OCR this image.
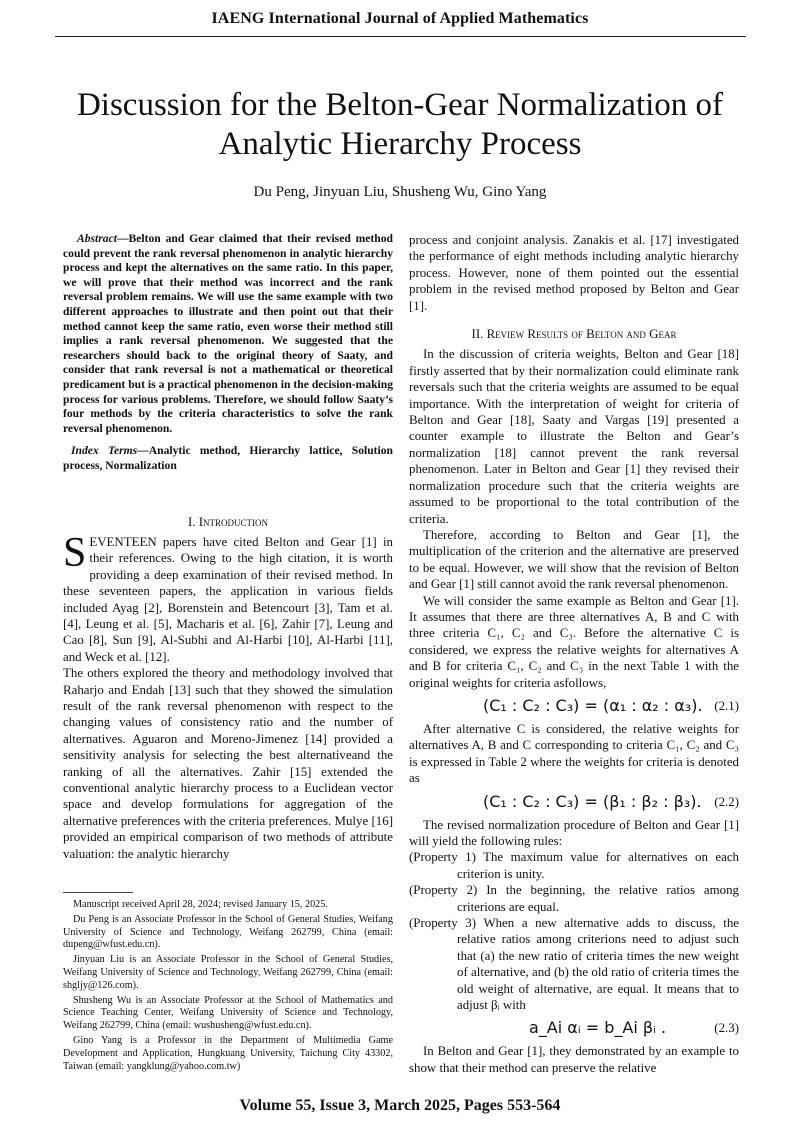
IAENG International Journal of Applied Mathematics
Discussion for the Belton-Gear Normalization of Analytic Hierarchy Process
Du Peng, Jinyuan Liu, Shusheng Wu, Gino Yang

Abstract—Belton and Gear claimed that their revised method could prevent the rank reversal phenomenon in analytic hierarchy process and kept the alternatives on the same ratio. In this paper, we will prove that their method was incorrect and the rank reversal problem remains. We will use the same example with two different approaches to illustrate and then point out that their method cannot keep the same ratio, even worse their method still implies a rank reversal phenomenon. We suggested that the researchers should back to the original theory of Saaty, and consider that rank reversal is not a mathematical or theoretical predicament but is a practical phenomenon in the decision-making process for various problems. Therefore, we should follow Saaty’s four methods by the criteria characteristics to solve the rank reversal phenomenon.

Index Terms—Analytic method, Hierarchy lattice, Solution process, Normalization

I. Introduction

SEVENTEEN papers have cited Belton and Gear [1] in their references. Owing to the high citation, it is worth providing a deep examination of their revised method. In these seventeen papers, the application in various fields included Ayag [2], Borenstein and Betencourt [3], Tam et al. [4], Leung et al. [5], Macharis et al. [6], Zahir [7], Leung and Cao [8], Sun [9], Al-Subhi and Al-Harbi [10], Al-Harbi [11], and Weck et al. [12].

The others explored the theory and methodology involved that Raharjo and Endah [13] such that they showed the simulation result of the rank reversal phenomenon with respect to the changing values of consistency ratio and the number of alternatives. Aguaron and Moreno-Jimenez [14] provided a sensitivity analysis for selecting the best alternativeand the ranking of all the alternatives. Zahir [15] extended the conventional analytic hierarchy process to a Euclidean vector space and develop formulations for aggregation of the alternative preferences with the criteria preferences. Mulye [16] provided an empirical comparison of two methods of attribute valuation: the analytic hierarchy

Manuscript received April 28, 2024; revised January 15, 2025.

Du Peng is an Associate Professor in the School of General Studies, Weifang University of Science and Technology, Weifang 262799, China (email: dupeng@wfust.edu.cn).

Jinyuan Liu is an Associate Professor in the School of General Studies, Weifang University of Science and Technology, Weifang 262799, China (email: shgljy@126.com).

Shusheng Wu is an Associate Professor at the School of Mathematics and Science Teaching Center, Weifang University of Science and Technology, Weifang 262799, China (email: wushusheng@wfust.edu.cn).

Gino Yang is a Professor in the Department of Multimedia Game Development and Application, Hungkuang University, Taichung City 43302, Taiwan (email: yangklung@yahoo.com.tw)

process and conjoint analysis. Zanakis et al. [17] investigated the performance of eight methods including analytic hierarchy process. However, none of them pointed out the essential problem in the revised method proposed by Belton and Gear [1].

II. Review Results of Belton and Gear

In the discussion of criteria weights, Belton and Gear [18] firstly asserted that by their normalization could eliminate rank reversals such that the criteria weights are assumed to be equal importance. With the interpretation of weight for criteria of Belton and Gear [18], Saaty and Vargas [19] presented a counter example to illustrate the Belton and Gear’s normalization [18] cannot prevent the rank reversal phenomenon. Later in Belton and Gear [1] they revised their normalization procedure such that the criteria weights are assumed to be proportional to the total contribution of the criteria.

Therefore, according to Belton and Gear [1], the multiplication of the criterion and the alternative are preserved to be equal. However, we will show that the revision of Belton and Gear [1] still cannot avoid the rank reversal phenomenon.

We will consider the same example as Belton and Gear [1]. It assumes that there are three alternatives A, B and C with three criteria C₁, C₂ and C₃. Before the alternative C is considered, we express the relative weights for alternatives A and B for criteria C₁, C₂ and C₃ in the next Table 1 with the original weights for criteria asfollows,

(C₁ : C₂ : C₃) = (α₁ : α₂ : α₃). (2.1)

After alternative C is considered, the relative weights for alternatives A, B and C corresponding to criteria C₁, C₂ and C₃ is expressed in Table 2 where the weights for criteria is denoted as

(C₁ : C₂ : C₃) = (β₁ : β₂ : β₃). (2.2)

The revised normalization procedure of Belton and Gear [1] will yield the following rules:

(Property 1) The maximum value for alternatives on each criterion is unity.

(Property 2) In the beginning, the relative ratios among criterions are equal.

(Property 3) When a new alternative adds to discuss, the relative ratios among criterions need to adjust such that (a) the new ratio of criteria times the new weight of alternative, and (b) the old ratio of criteria times the old weight of alternative, are equal. It means that to adjust βᵢ with

a_Ai αᵢ = b_Ai βᵢ .	(2.3)

In Belton and Gear [1], they demonstrated by an example to show that their method can preserve the relative

Volume 55, Issue 3, March 2025, Pages 553-564
